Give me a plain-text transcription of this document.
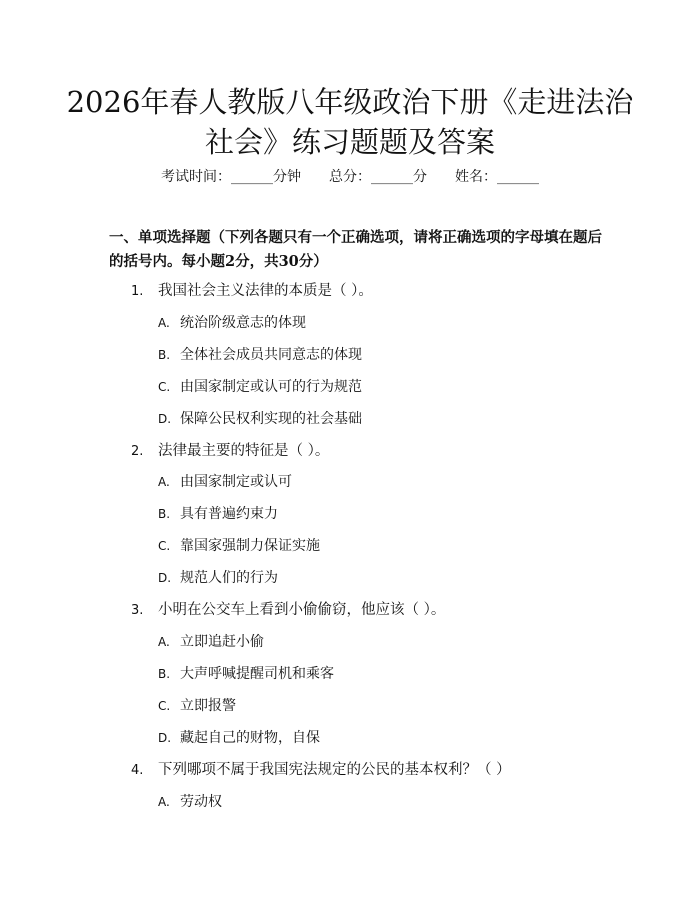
2026年春人教版八年级政治下册《走进法治
社会》练习题题及答案
考试时间：______分钟　　总分：______分　　姓名：______
一、单项选择题（下列各题只有一个正确选项，请将正确选项的字母填在题后的括号内。每小题2分，共30分）
1. 我国社会主义法律的本质是（ ）。
A. 统治阶级意志的体现
B. 全体社会成员共同意志的体现
C. 由国家制定或认可的行为规范
D. 保障公民权利实现的社会基础
2. 法律最主要的特征是（ ）。
A. 由国家制定或认可
B. 具有普遍约束力
C. 靠国家强制力保证实施
D. 规范人们的行为
3. 小明在公交车上看到小偷偷窃，他应该（ ）。
A. 立即追赶小偷
B. 大声呼喊提醒司机和乘客
C. 立即报警
D. 藏起自己的财物，自保
4. 下列哪项不属于我国宪法规定的公民的基本权利？（ ）
A. 劳动权
